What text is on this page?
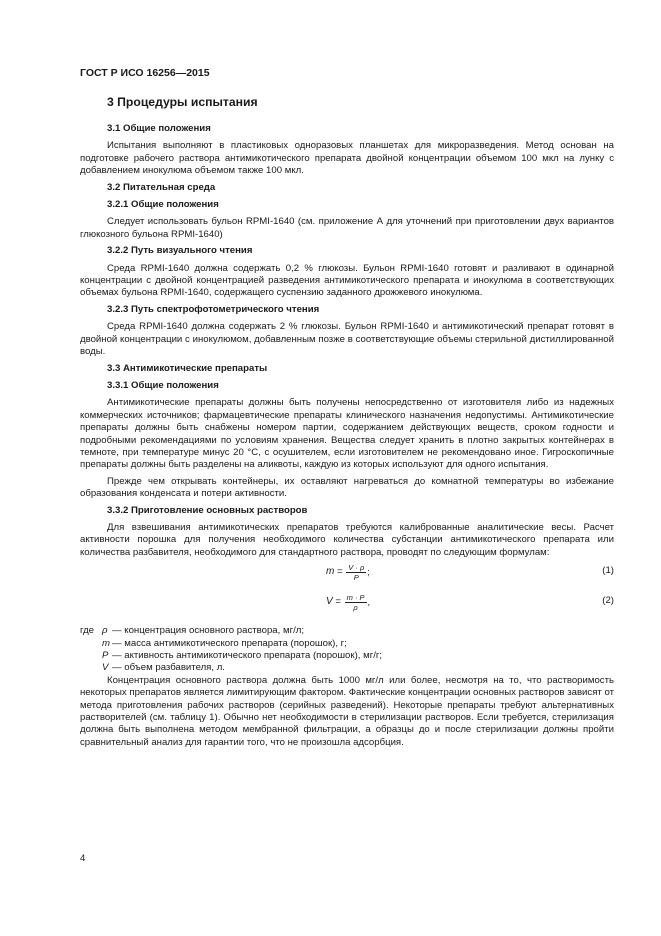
ГОСТ Р ИСО 16256—2015
3 Процедуры испытания
3.1 Общие положения
Испытания выполняют в пластиковых одноразовых планшетах для микроразведения. Метод основан на подготовке рабочего раствора антимикотического препарата двойной концентрации объемом 100 мкл на лунку с добавлением инокулюма объемом также 100 мкл.
3.2 Питательная среда
3.2.1 Общие положения
Следует использовать бульон RPMI-1640 (см. приложение А для уточнений при приготовлении двух вариантов глюкозного бульона RPMI-1640)
3.2.2 Путь визуального чтения
Среда RPMI-1640 должна содержать 0,2 % глюкозы. Бульон RPMI-1640 готовят и разливают в одинарной концентрации с двойной концентрацией разведения антимикотического препарата и инокулюма в соответствующих объемах бульона RPMI-1640, содержащего суспензию заданного дрожжевого инокулюма.
3.2.3 Путь спектрофотометрического чтения
Среда RPMI-1640 должна содержать 2 % глюкозы. Бульон RPMI-1640 и антимикотический препарат готовят в двойной концентрации с инокулюмом, добавленным позже в соответствующие объемы стерильной дистиллированной воды.
3.3 Антимикотические препараты
3.3.1 Общие положения
Антимикотические препараты должны быть получены непосредственно от изготовителя либо из надежных коммерческих источников; фармацевтические препараты клинического назначения недопустимы. Антимикотические препараты должны быть снабжены номером партии, содержанием действующих веществ, сроком годности и подробными рекомендациями по условиям хранения. Вещества следует хранить в плотно закрытых контейнерах в темноте, при температуре минус 20 °С, с осушителем, если изготовителем не рекомендовано иное. Гигроскопичные препараты должны быть разделены на аликвоты, каждую из которых используют для одного испытания.
Прежде чем открывать контейнеры, их оставляют нагреваться до комнатной температуры во избежание образования конденсата и потери активности.
3.3.2 Приготовление основных растворов
Для взвешивания антимикотических препаратов требуются калиброванные аналитические весы. Расчет активности порошка для получения необходимого количества субстанции антимикотического препарата или количества разбавителя, необходимого для стандартного раствора, проводят по следующим формулам:
$m = \frac{V \cdot \rho}{P}$ ;	(1)
$V = \frac{m \cdot P}{\rho}$ ,	(2)
где ρ — концентрация основного раствора, мг/л;
m — масса антимикотического препарата (порошок), г;
P — активность антимикотического препарата (порошок), мг/г;
V — объем разбавителя, л.
Концентрация основного раствора должна быть 1000 мг/л или более, несмотря на то, что растворимость некоторых препаратов является лимитирующим фактором. Фактические концентрации основных растворов зависят от метода приготовления рабочих растворов (серийных разведений). Некоторые препараты требуют альтернативных растворителей (см. таблицу 1). Обычно нет необходимости в стерилизации растворов. Если требуется, стерилизация должна быть выполнена методом мембранной фильтрации, а образцы до и после стерилизации должны пройти сравнительный анализ для гарантии того, что не произошла адсорбция.
4
